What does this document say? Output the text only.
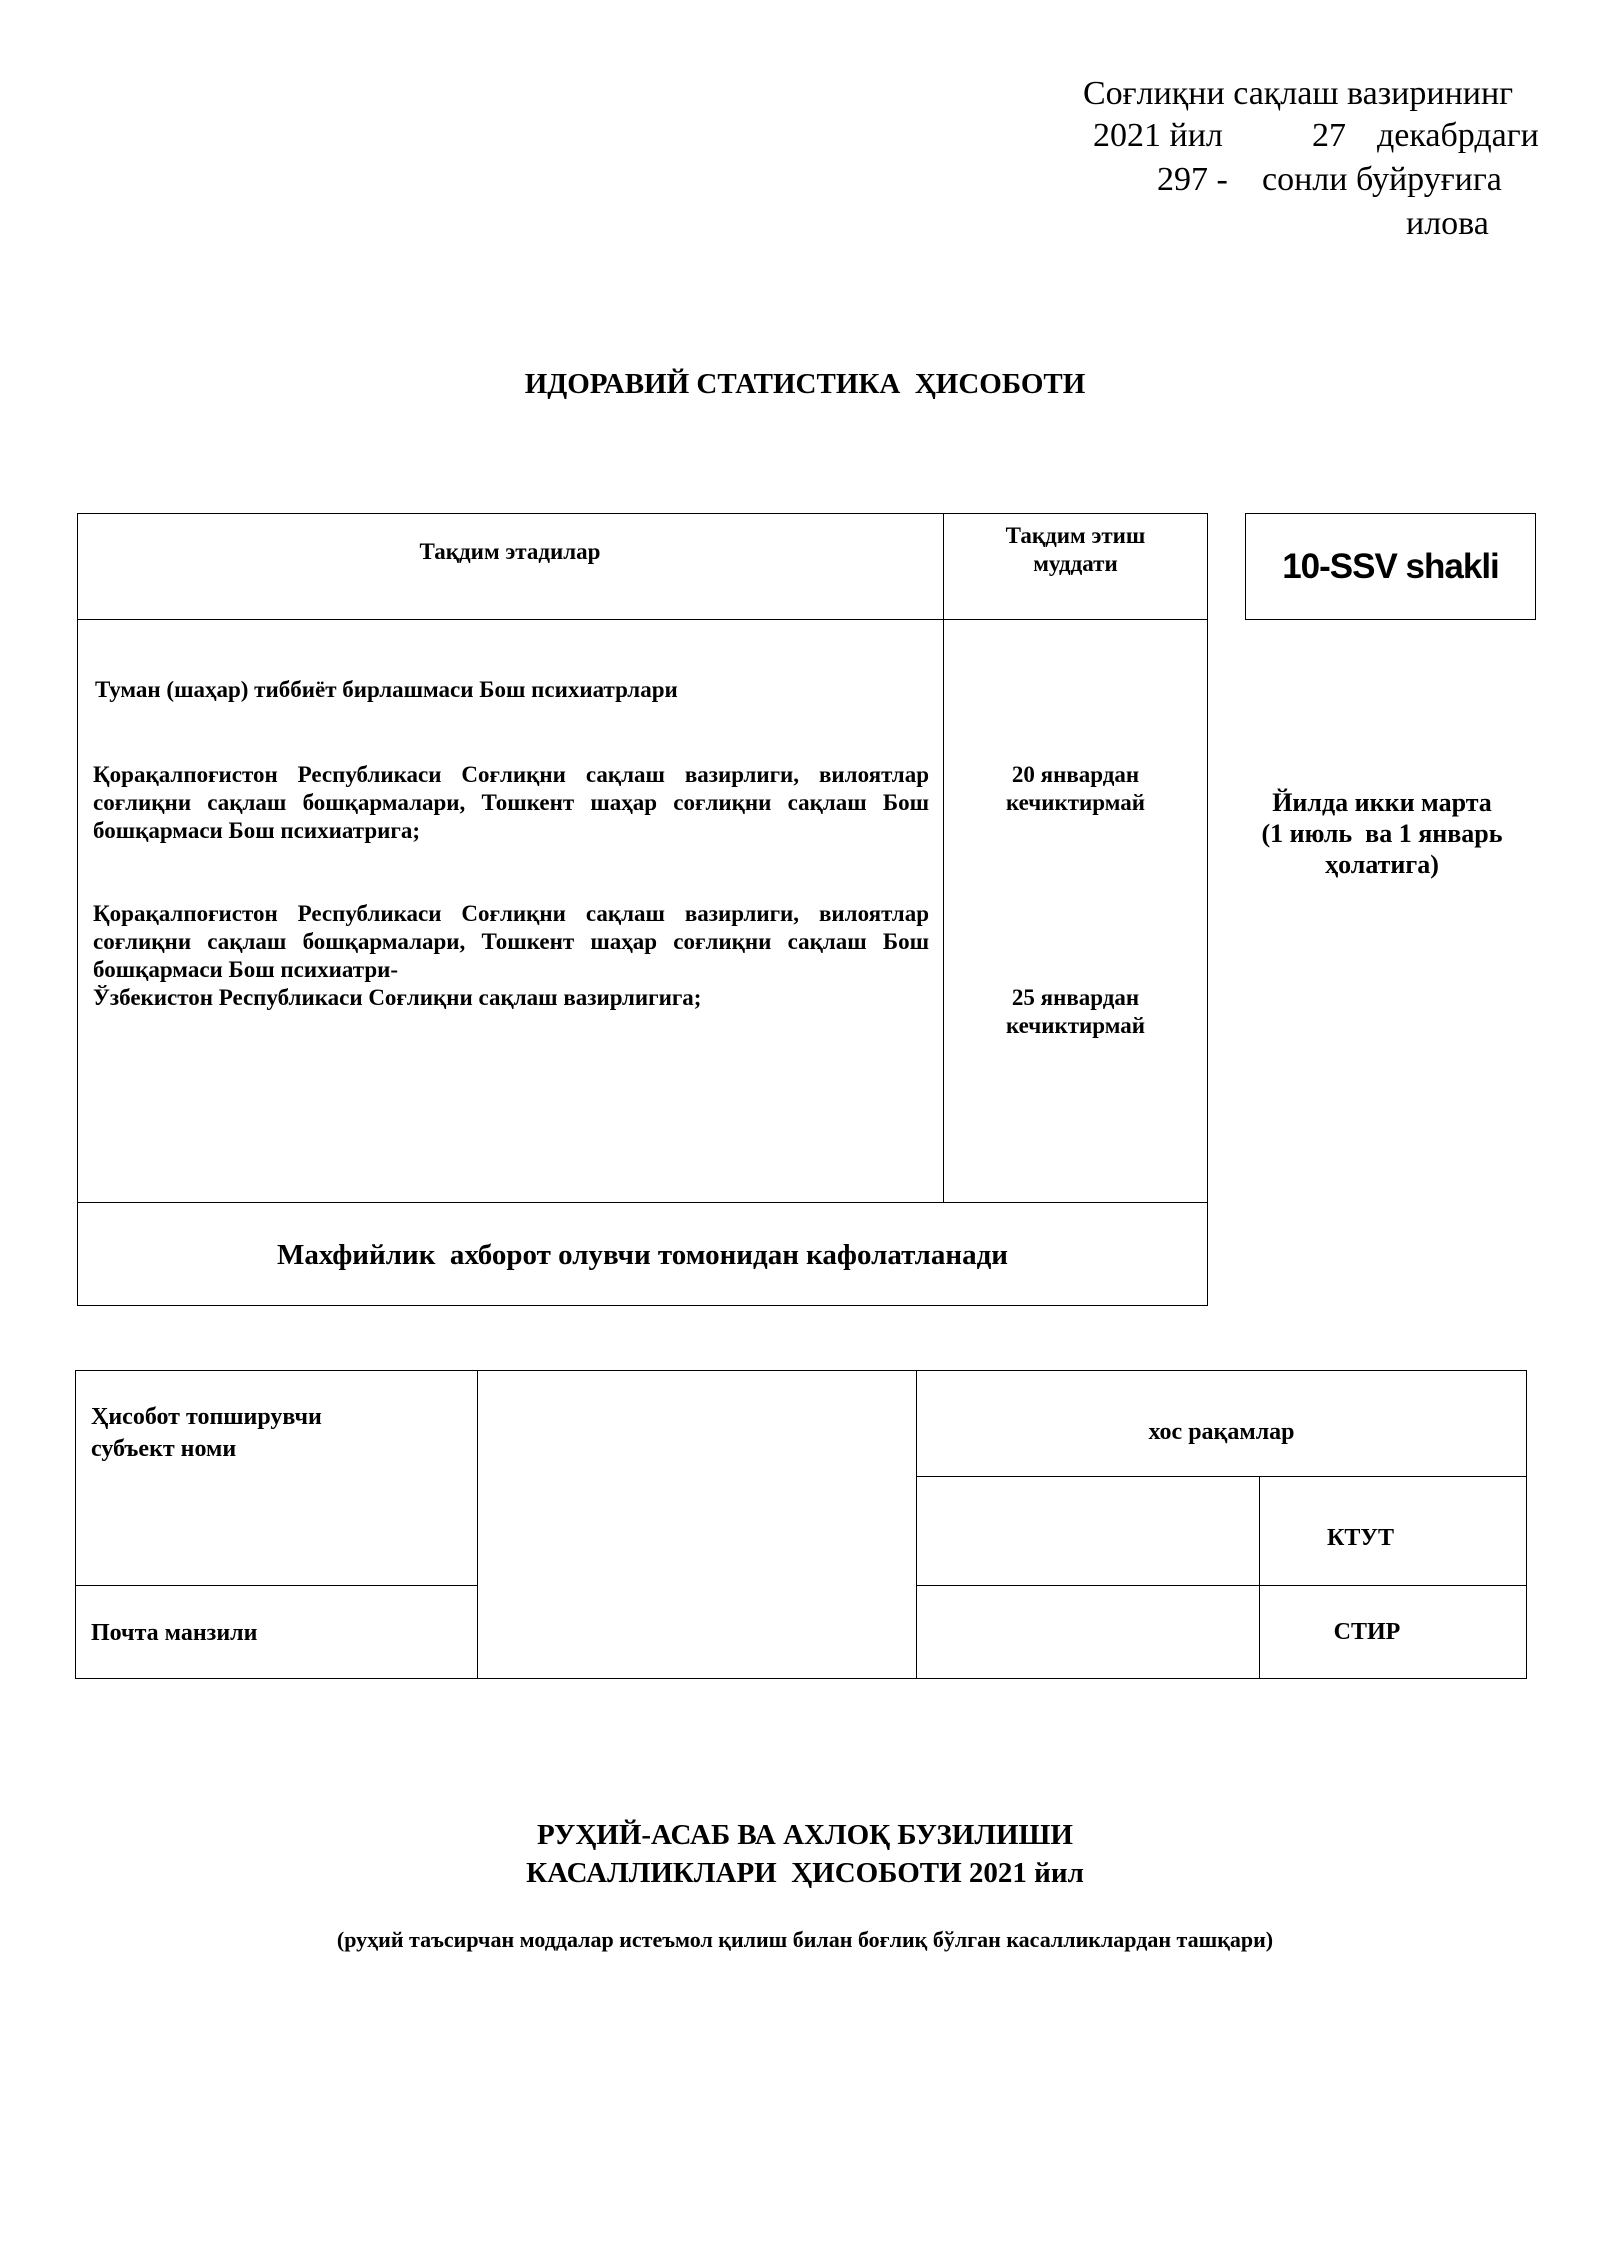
Соғлиқни сақлаш вазирининг
2021 йил	27 декабрдаги
297 - сонли буйруғига
илова
ИДОРАВИЙ СТАТИСТИКА  ҲИСОБОТИ
Тақдим этадилар
Тақдим этиш
муддати
Туман (шаҳар) тиббиёт бирлашмаси Бош психиатрлари
Қорақалпоғистон Республикаси Соғлиқни сақлаш вазирлиги, вилоятлар
соғлиқни сақлаш бошқармалари, Тошкент шаҳар соғлиқни сақлаш Бош
бошқармаси Бош психиатрига;
20 январдан
кечиктирмай
Қорақалпоғистон Республикаси Соғлиқни сақлаш вазирлиги, вилоятлар
соғлиқни сақлаш бошқармалари, Тошкент шаҳар соғлиқни сақлаш Бош
бошқармаси Бош психиатри-
Ўзбекистон Республикаси Соғлиқни сақлаш вазирлигига;	25 январдан
кечиктирмай
Махфийлик  ахборот олувчи томонидан кафолатланади
10-SSV shakli
Йилда икки марта
(1 июль  ва 1 январь
ҳолатига)
Ҳисобот топширувчи
субъект номи
Почта манзили
хос рақамлар
КТУТ
СТИР
РУҲИЙ-АСАБ ВА АХЛОҚ БУЗИЛИШИ
КАСАЛЛИКЛАРИ  ҲИСОБОТИ 2021 йил
(руҳий таъсирчан моддалар истеъмол қилиш билан боғлиқ бўлган касалликлардан ташқари)
